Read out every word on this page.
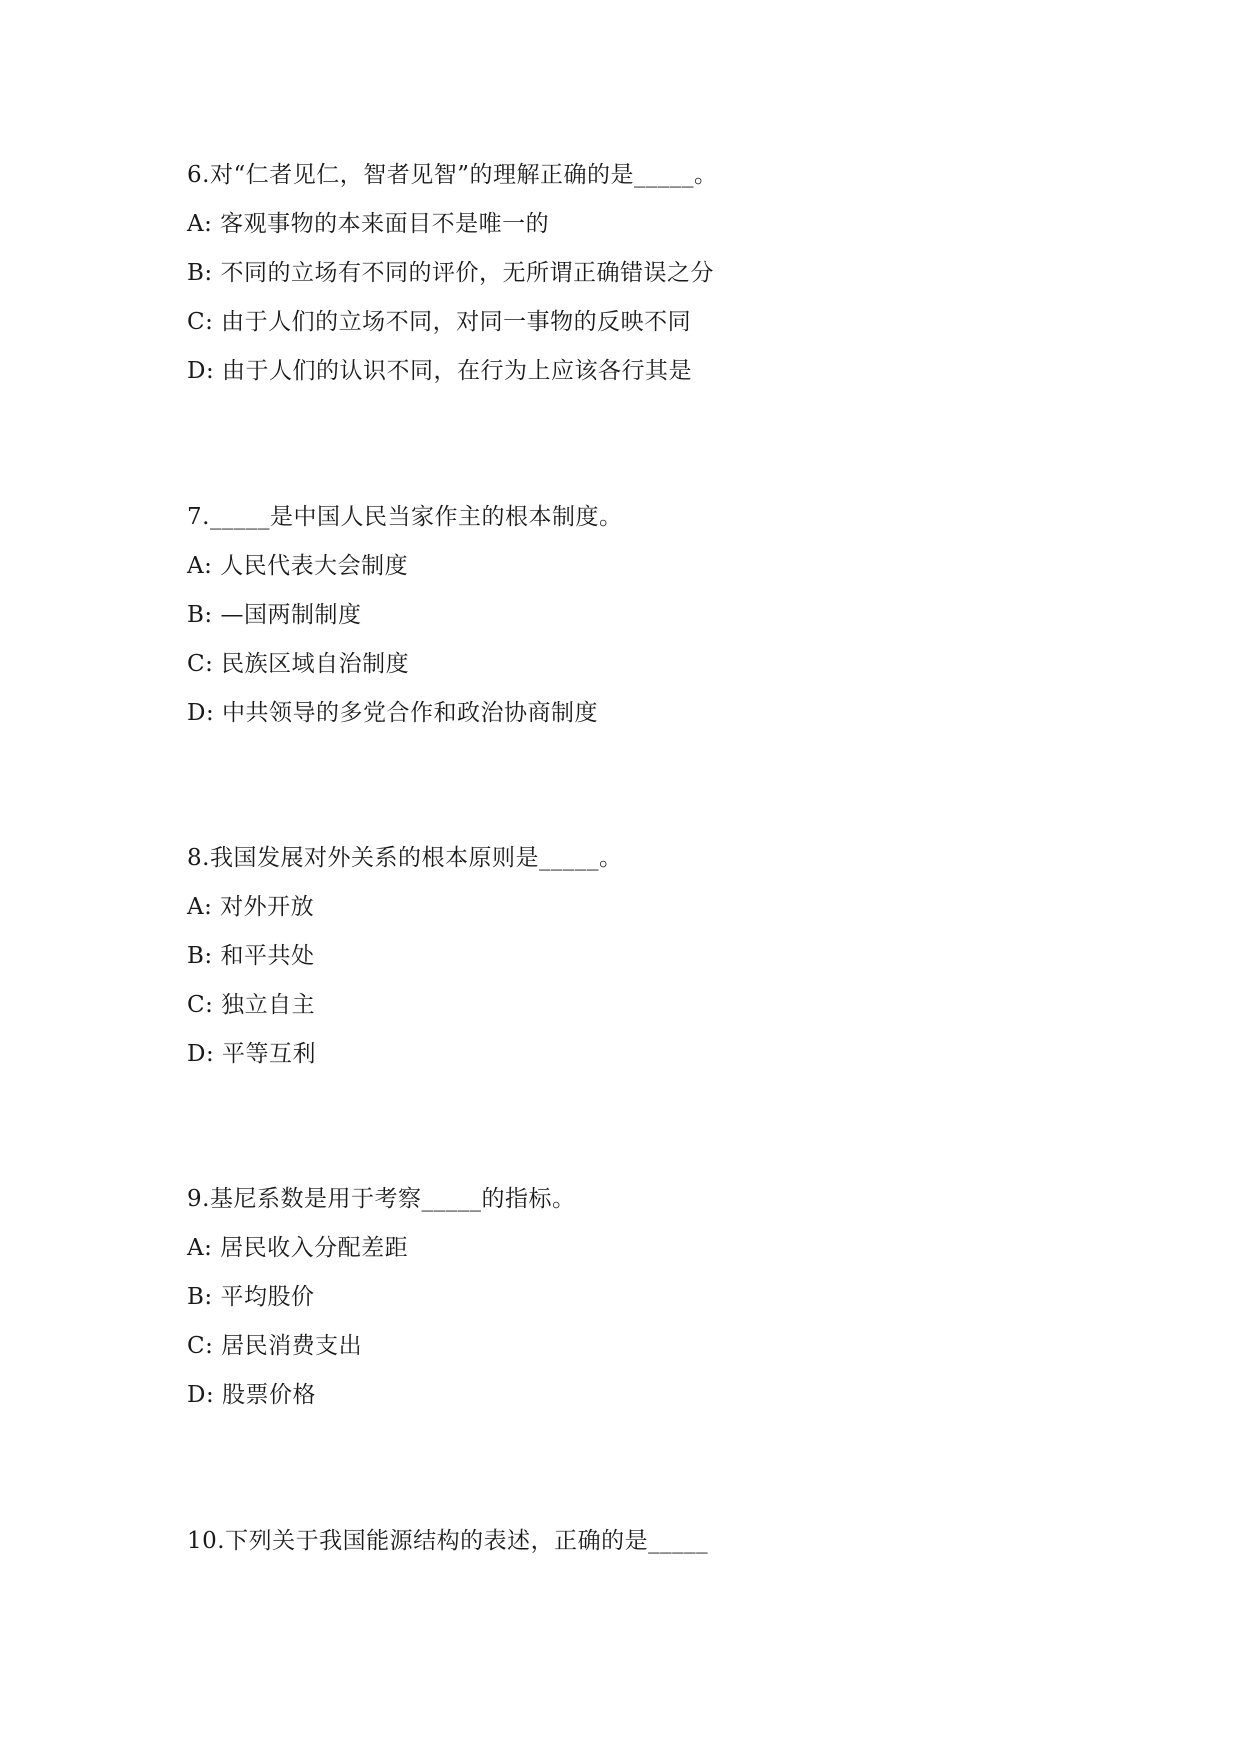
6.对“仁者见仁，智者见智”的理解正确的是_____。
A: 客观事物的本来面目不是唯一的
B: 不同的立场有不同的评价，无所谓正确错误之分
C: 由于人们的立场不同，对同一事物的反映不同
D: 由于人们的认识不同，在行为上应该各行其是
7._____是中国人民当家作主的根本制度。
A: 人民代表大会制度
B: —国两制制度
C: 民族区域自治制度
D: 中共领导的多党合作和政治协商制度
8.我国发展对外关系的根本原则是_____。
A: 对外开放
B: 和平共处
C: 独立自主
D: 平等互利
9.基尼系数是用于考察_____的指标。
A: 居民收入分配差距
B: 平均股价
C: 居民消费支出
D: 股票价格
10.下列关于我国能源结构的表述，正确的是_____
